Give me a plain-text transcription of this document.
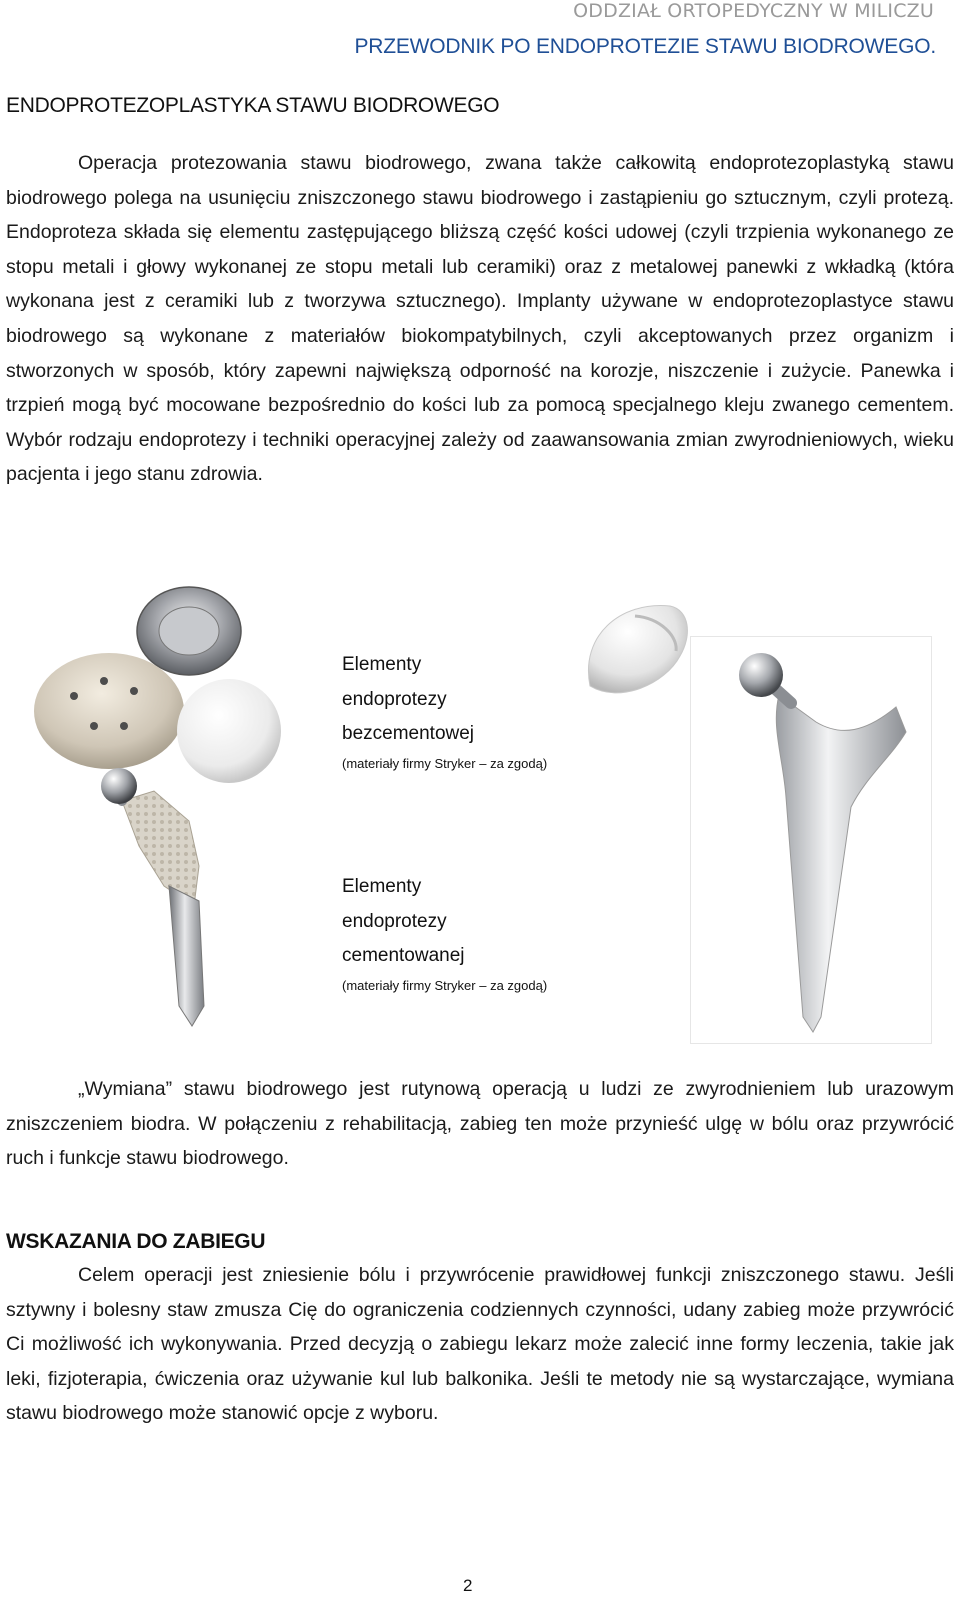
ODDZIAŁ ORTOPEDYCZNY W MILICZU
PRZEWODNIK PO ENDOPROTEZIE STAWU BIODROWEGO.
ENDOPROTEZOPLASTYKA STAWU BIODROWEGO

Operacja protezowania stawu biodrowego, zwana także całkowitą endoprotezoplastyką stawu biodrowego polega na usunięciu zniszczonego stawu biodrowego i zastąpieniu go sztucznym, czyli protezą. Endoproteza składa się elementu zastępującego bliższą część kości udowej (czyli trzpienia wykonanego ze stopu metali i głowy wykonanej ze stopu metali lub ceramiki) oraz z metalowej panewki z wkładką (która wykonana jest z ceramiki lub z tworzywa sztucznego). Implanty używane w endoprotezoplastyce stawu biodrowego są wykonane z materiałów biokompatybilnych, czyli akceptowanych przez organizm i stworzonych w sposób, który zapewni największą odporność na korozje, niszczenie i zużycie. Panewka i trzpień mogą być mocowane bezpośrednio do kości lub za pomocą specjalnego kleju zwanego cementem. Wybór rodzaju endoprotezy i techniki operacyjnej zależy od zaawansowania zmian zwyrodnieniowych, wieku pacjenta i jego stanu zdrowia.

Elementy
endoprotezy
bezcementowej
(materiały firmy Stryker – za zgodą)
Elementy
endoprotezy
cementowanej
(materiały firmy Stryker – za zgodą)

„Wymiana” stawu biodrowego jest rutynową operacją u ludzi ze zwyrodnieniem lub urazowym zniszczeniem biodra. W połączeniu z rehabilitacją, zabieg ten może przynieść ulgę w bólu oraz przywrócić ruch i funkcje stawu biodrowego.

WSKAZANIA DO ZABIEGU

Celem operacji jest zniesienie bólu i przywrócenie prawidłowej funkcji zniszczonego stawu. Jeśli sztywny i bolesny staw zmusza Cię do ograniczenia codziennych czynności, udany zabieg może przywrócić Ci możliwość ich wykonywania. Przed decyzją o zabiegu lekarz może zalecić inne formy leczenia, takie jak leki, fizjoterapia, ćwiczenia oraz używanie kul lub balkonika. Jeśli te metody nie są wystarczające, wymiana stawu biodrowego może stanowić opcje z wyboru.

2
